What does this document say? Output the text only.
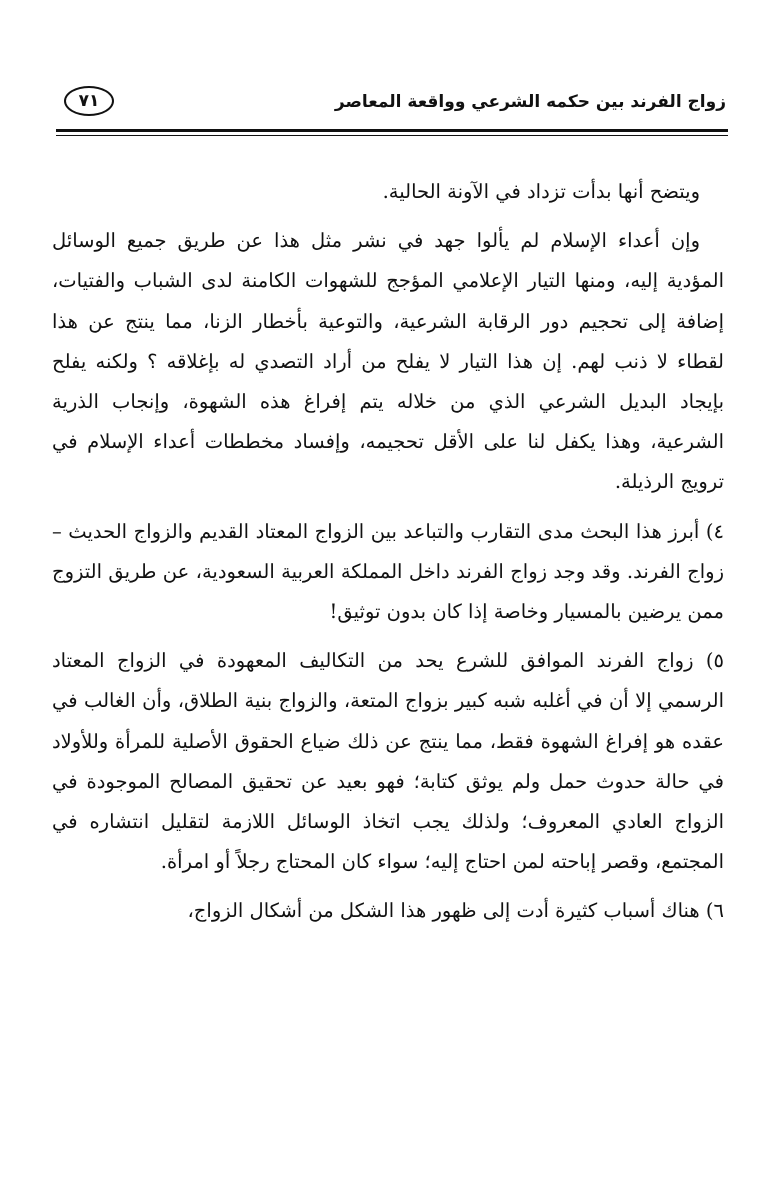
زواج الفرند بين حكمه الشرعي وواقعة المعاصر
٧١

ويتضح أنها بدأت تزداد في الآونة الحالية.

وإن أعداء الإسلام لم يألوا جهد في نشر مثل هذا عن طريق جميع الوسائل المؤدية إليه، ومنها التيار الإعلامي المؤجج للشهوات الكامنة لدى الشباب والفتيات، إضافة إلى تحجيم دور الرقابة الشرعية، والتوعية بأخطار الزنا، مما ينتج عن هذا لقطاء لا ذنب لهم. إن هذا التيار لا يفلح من أراد التصدي له بإغلاقه ؟ ولكنه يفلح بإيجاد البديل الشرعي الذي من خلاله يتم إفراغ هذه الشهوة، وإنجاب الذرية الشرعية، وهذا يكفل لنا على الأقل تحجيمه، وإفساد مخططات أعداء الإسلام في ترويج الرذيلة.

٤) أبرز هذا البحث مدى التقارب والتباعد بين الزواج المعتاد القديم والزواج الحديث – زواج الفرند. وقد وجد زواج الفرند داخل المملكة العربية السعودية، عن طريق التزوج ممن يرضين بالمسيار وخاصة إذا كان بدون توثيق!

٥) زواج الفرند الموافق للشرع يحد من التكاليف المعهودة في الزواج المعتاد الرسمي إلا أن في أغلبه شبه كبير بزواج المتعة، والزواج بنية الطلاق، وأن الغالب في عقده هو إفراغ الشهوة فقط، مما ينتج عن ذلك ضياع الحقوق الأصلية للمرأة وللأولاد في حالة حدوث حمل ولم يوثق كتابة؛ فهو بعيد عن تحقيق المصالح الموجودة في الزواج العادي المعروف؛ ولذلك يجب اتخاذ الوسائل اللازمة لتقليل انتشاره في المجتمع، وقصر إباحته لمن احتاج إليه؛ سواء كان المحتاج رجلاً أو امرأة.

٦) هناك أسباب كثيرة أدت إلى ظهور هذا الشكل من أشكال الزواج،
